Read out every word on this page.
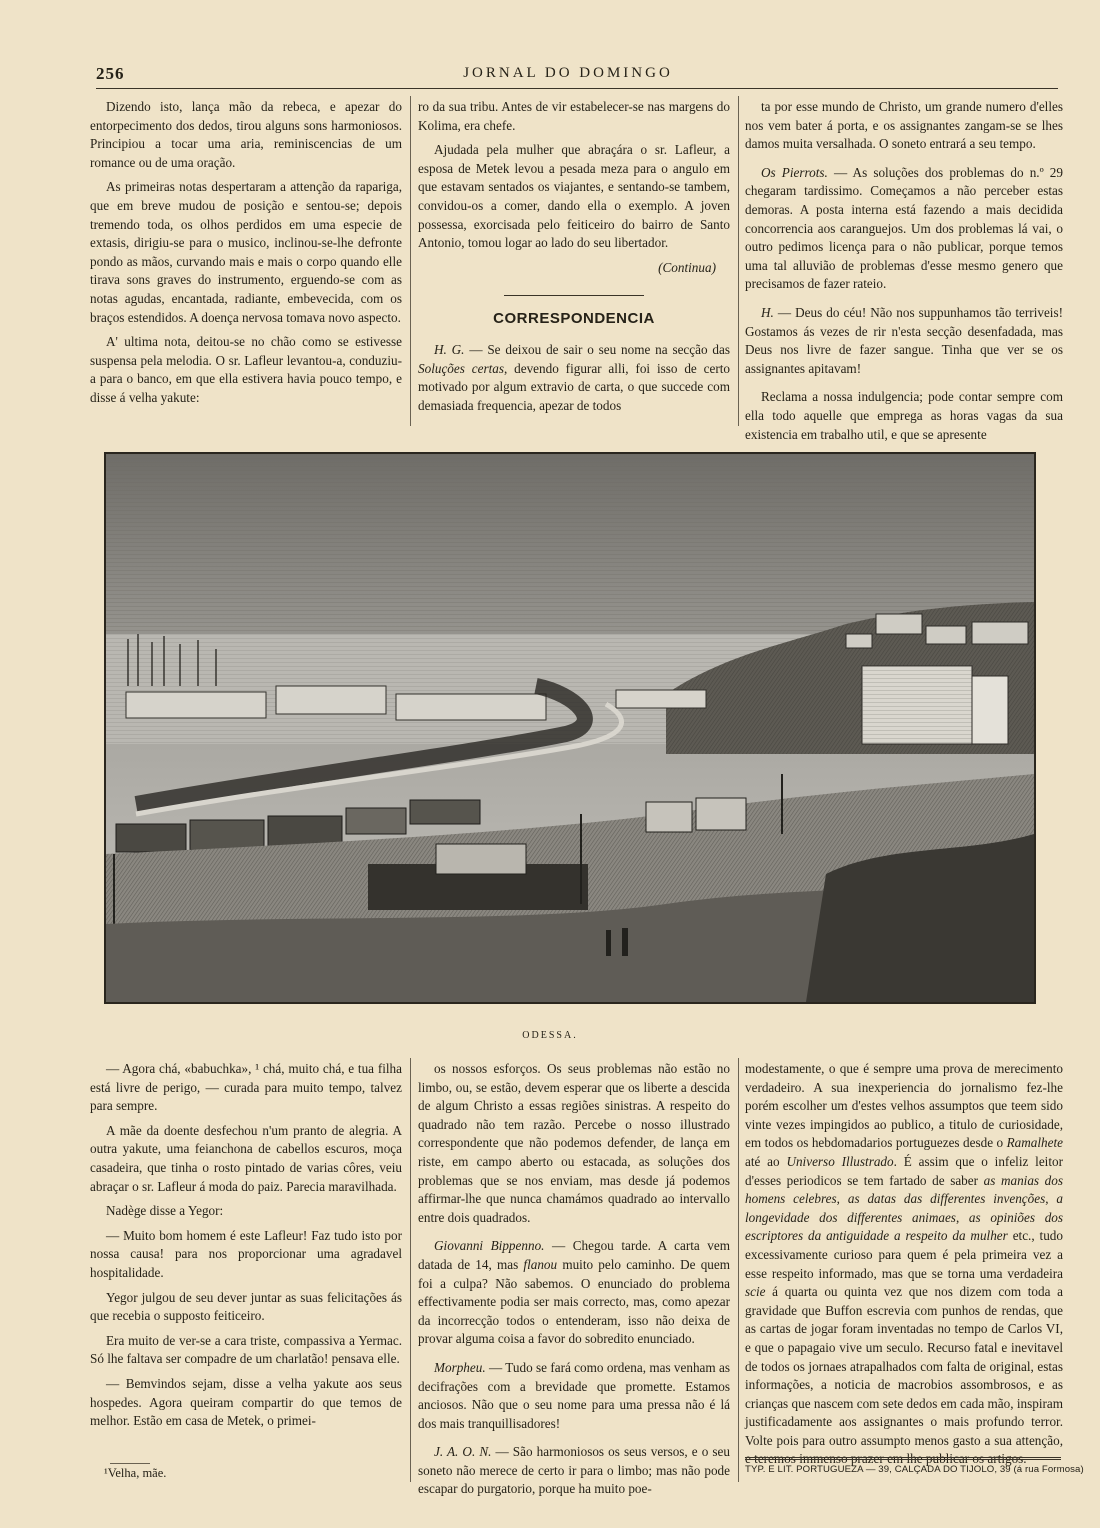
256	JORNAL DO DOMINGO

Dizendo isto, lança mão da rebeca, e apezar do entorpecimento dos dedos, tirou alguns sons harmoniosos. Principiou a tocar uma aria, reminiscencias de um romance ou de uma oração.

As primeiras notas despertaram a attenção da rapariga, que em breve mudou de posição e sentou-se; depois tremendo toda, os olhos perdidos em uma especie de extasis, dirigiu-se para o musico, inclinou-se-lhe defronte pondo as mãos, curvando mais e mais o corpo quando elle tirava sons graves do instrumento, erguendo-se com as notas agudas, encantada, radiante, embevecida, com os braços estendidos. A doença nervosa tomava novo aspecto.

A' ultima nota, deitou-se no chão como se estivesse suspensa pela melodia. O sr. Lafleur levantou-a, conduziu-a para o banco, em que ella estivera havia pouco tempo, e disse á velha yakute:

ro da sua tribu. Antes de vir estabelecer-se nas margens do Kolima, era chefe.

Ajudada pela mulher que abraçára o sr. Lafleur, a esposa de Metek levou a pesada meza para o angulo em que estavam sentados os viajantes, e sentando-se tambem, convidou-os a comer, dando ella o exemplo. A joven possessa, exorcisada pelo feiticeiro do bairro de Santo Antonio, tomou logar ao lado do seu libertador.

(Continua)
CORRESPONDENCIA

H. G. — Se deixou de sair o seu nome na secção das Soluções certas, devendo figurar alli, foi isso de certo motivado por algum extravio de carta, o que succede com demasiada frequencia, apezar de todos

ta por esse mundo de Christo, um grande numero d'elles nos vem bater á porta, e os assignantes zangam-se se lhes damos muita versalhada. O soneto entrará a seu tempo.

Os Pierrots. — As soluções dos problemas do n.º 29 chegaram tardissimo. Começamos a não perceber estas demoras. A posta interna está fazendo a mais decidida concorrencia aos caranguejos. Um dos problemas lá vai, o outro pedimos licença para o não publicar, porque temos uma tal alluvião de problemas d'esse mesmo genero que precisamos de fazer rateio.

H. — Deus do céu! Não nos suppunhamos tão terriveis! Gostamos ás vezes de rir n'esta secção desenfadada, mas Deus nos livre de fazer sangue. Tinha que ver se os assignantes apitavam!

Reclama a nossa indulgencia; pode contar sempre com ella todo aquelle que emprega as horas vagas da sua existencia em trabalho util, e que se apresente

ODESSA.

— Agora chá, «babuchka», ¹ chá, muito chá, e tua filha está livre de perigo, — curada para muito tempo, talvez para sempre.

A mãe da doente desfechou n'um pranto de alegria. A outra yakute, uma feianchona de cabellos escuros, moça casadeira, que tinha o rosto pintado de varias côres, veiu abraçar o sr. Lafleur á moda do paiz. Parecia maravilhada.

Nadège disse a Yegor:

— Muito bom homem é este Lafleur! Faz tudo isto por nossa causa! para nos proporcionar uma agradavel hospitalidade.

Yegor julgou de seu dever juntar as suas felicitações ás que recebia o supposto feiticeiro.

Era muito de ver-se a cara triste, compassiva a Yermac. Só lhe faltava ser compadre de um charlatão! pensava elle.

— Bemvindos sejam, disse a velha yakute aos seus hospedes. Agora queiram compartir do que temos de melhor. Estão em casa de Metek, o primei-

os nossos esforços. Os seus problemas não estão no limbo, ou, se estão, devem esperar que os liberte a descida de algum Christo a essas regiões sinistras. A respeito do quadrado não tem razão. Percebe o nosso illustrado correspondente que não podemos defender, de lança em riste, em campo aberto ou estacada, as soluções dos problemas que se nos enviam, mas desde já podemos affirmar-lhe que nunca chamámos quadrado ao intervallo entre dois quadrados.

Giovanni Bippenno. — Chegou tarde. A carta vem datada de 14, mas flanou muito pelo caminho. De quem foi a culpa? Não sabemos. O enunciado do problema effectivamente podia ser mais correcto, mas, como apezar da incorrecção todos o entenderam, isso não deixa de provar alguma coisa a favor do sobredito enunciado.

Morpheu. — Tudo se fará como ordena, mas venham as decifrações com a brevidade que promette. Estamos anciosos. Não que o seu nome para uma pressa não é lá dos mais tranquillisadores!

J. A. O. N. — São harmoniosos os seus versos, e o seu soneto não merece de certo ir para o limbo; mas não pode escapar do purgatorio, porque ha muito poe-

modestamente, o que é sempre uma prova de merecimento verdadeiro. A sua inexperiencia do jornalismo fez-lhe porém escolher um d'estes velhos assumptos que teem sido vinte vezes impingidos ao publico, a titulo de curiosidade, em todos os hebdomadarios portuguezes desde o Ramalhete até ao Universo Illustrado. É assim que o infeliz leitor d'esses periodicos se tem fartado de saber as manias dos homens celebres, as datas das differentes invenções, a longevidade dos differentes animaes, as opiniões dos escriptores da antiguidade a respeito da mulher etc., tudo excessivamente curioso para quem é pela primeira vez a esse respeito informado, mas que se torna uma verdadeira scie á quarta ou quinta vez que nos dizem com toda a gravidade que Buffon escrevia com punhos de rendas, que as cartas de jogar foram inventadas no tempo de Carlos VI, e que o papagaio vive um seculo. Recurso fatal e inevitavel de todos os jornaes atrapalhados com falta de original, estas informações, a noticia de macrobios assombrosos, e as crianças que nascem com sete dedos em cada mão, inspiram justificadamente aos assignantes o mais profundo terror. Volte pois para outro assumpto menos gasto a sua attenção, e teremos immenso prazer em lhe publicar os artigos.

¹Velha, mãe.	TYP. E LIT. PORTUGUEZA — 39, CALÇADA DO TIJOLO, 39 (á rua Formosa)
